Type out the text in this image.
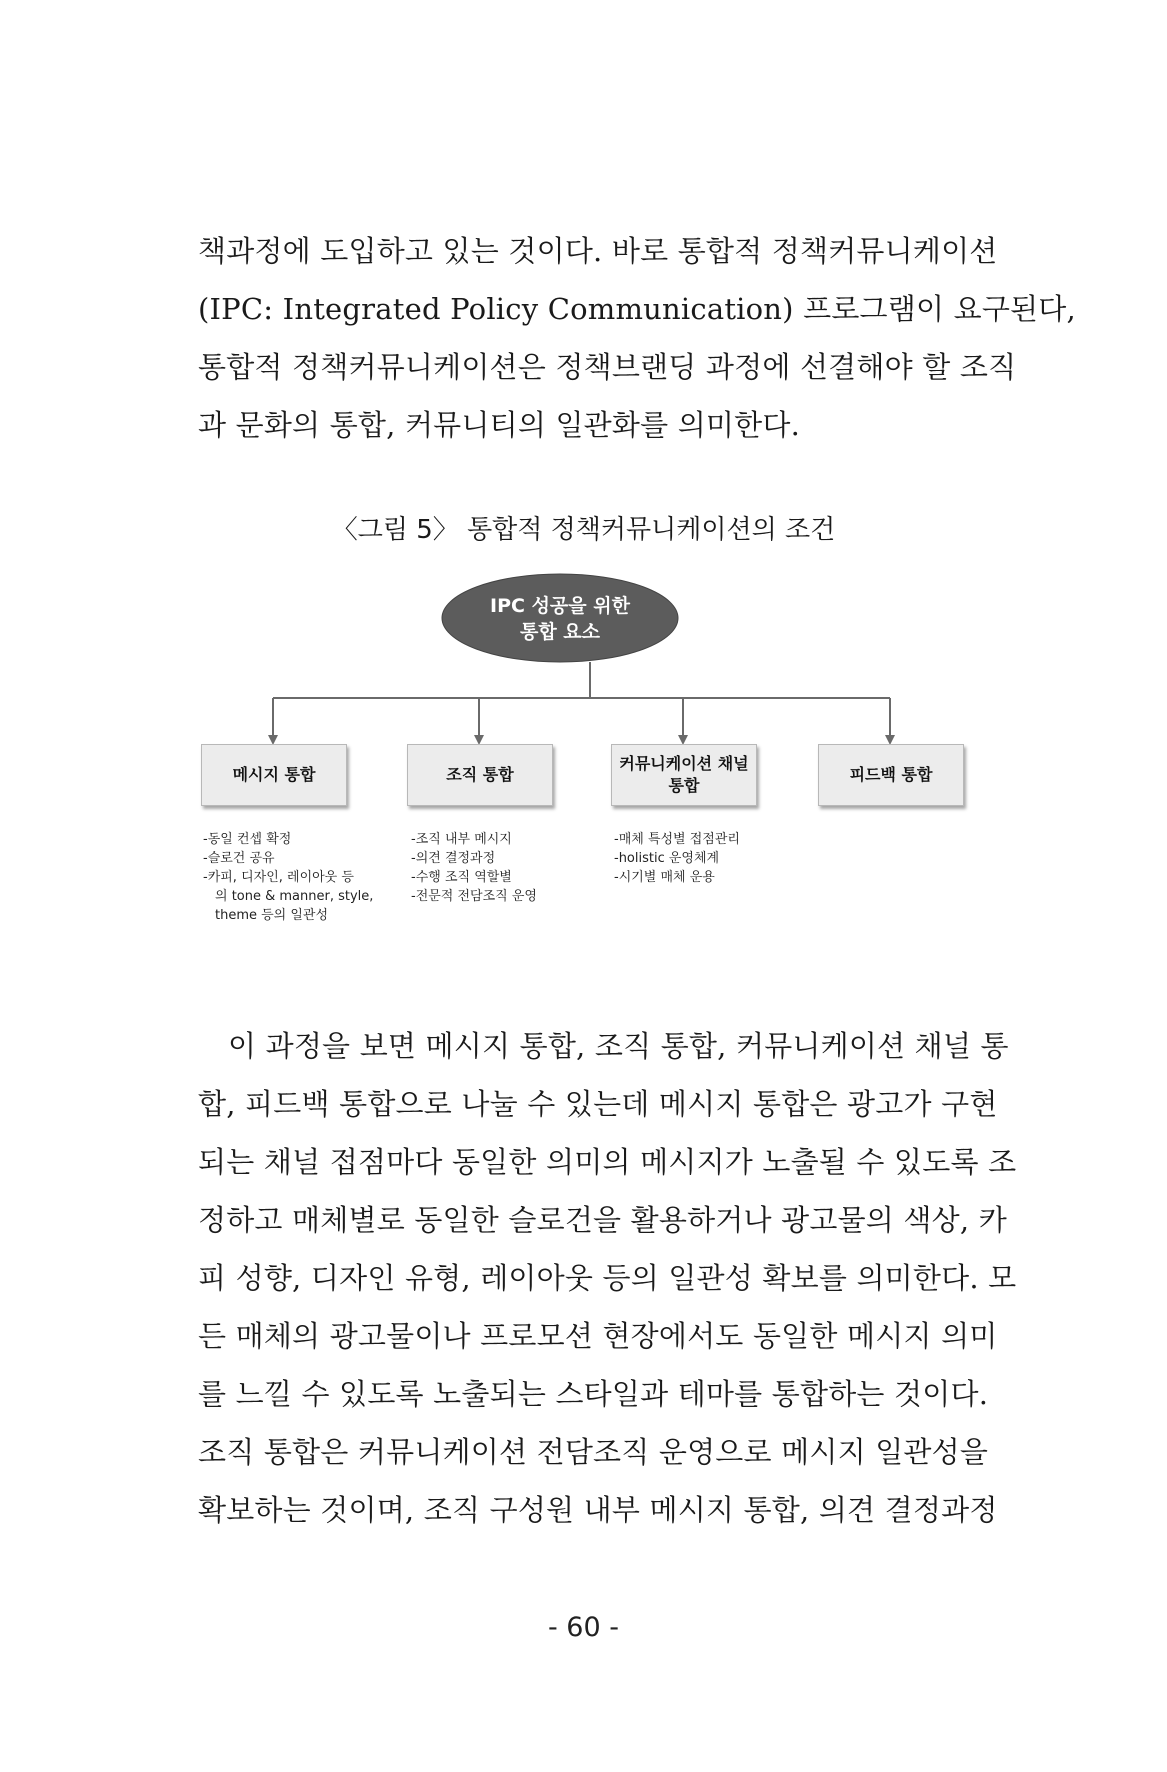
책과정에 도입하고 있는 것이다. 바로 통합적 정책커뮤니케이션
(IPC: Integrated Policy Communication) 프로그램이 요구된다,
통합적 정책커뮤니케이션은 정책브랜딩 과정에 선결해야 할 조직
과 문화의 통합, 커뮤니티의 일관화를 의미한다.

〈그림 5〉 통합적 정책커뮤니케이션의 조건
IPC 성공을 위한
통합 요소
메시지 통합	조직 통합
커뮤니케이션 채널
통합
피드백 통합
-동일 컨셉 확정
-슬로건 공유
-카피, 디자인, 레이아웃 등
의 tone & manner, style,
theme 등의 일관성
-조직 내부 메시지
-의견 결정과정
-수행 조직 역할별
-전문적 전담조직 운영
-매체 특성별 접점관리
-holistic 운영체계
-시기별 매체 운용

이 과정을 보면 메시지 통합, 조직 통합, 커뮤니케이션 채널 통
합, 피드백 통합으로 나눌 수 있는데 메시지 통합은 광고가 구현
되는 채널 접점마다 동일한 의미의 메시지가 노출될 수 있도록 조
정하고 매체별로 동일한 슬로건을 활용하거나 광고물의 색상, 카
피 성향, 디자인 유형, 레이아웃 등의 일관성 확보를 의미한다. 모
든 매체의 광고물이나 프로모션 현장에서도 동일한 메시지 의미
를 느낄 수 있도록 노출되는 스타일과 테마를 통합하는 것이다.
조직 통합은 커뮤니케이션 전담조직 운영으로 메시지 일관성을
확보하는 것이며, 조직 구성원 내부 메시지 통합, 의견 결정과정

- 60 -
